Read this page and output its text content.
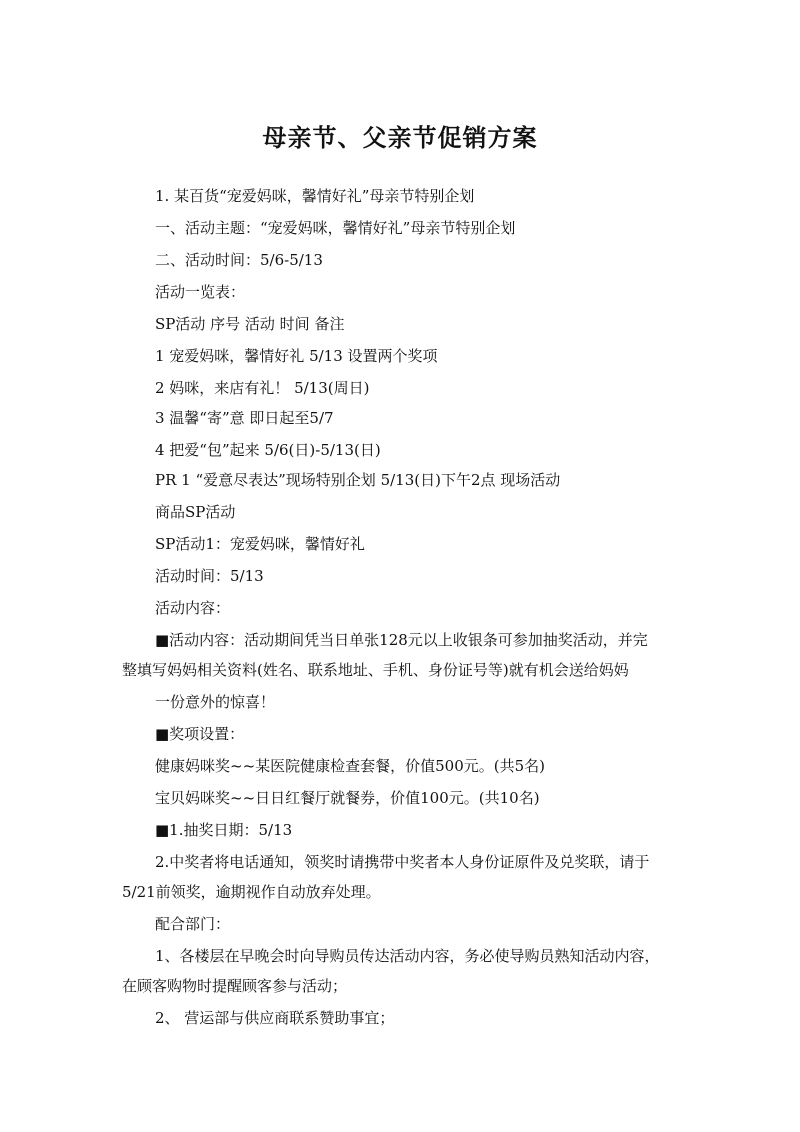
母亲节、父亲节促销方案
1. 某百货“宠爱妈咪，馨情好礼”母亲节特别企划
一、活动主题：“宠爱妈咪，馨情好礼”母亲节特别企划
二、活动时间：5/6-5/13
活动一览表：
SP活动 序号 活动 时间 备注
1 宠爱妈咪，馨情好礼 5/13 设置两个奖项
2 妈咪，来店有礼！ 5/13(周日)
3 温馨“寄”意 即日起至5/7
4 把爱“包”起来 5/6(日)-5/13(日)
PR 1 “爱意尽表达”现场特别企划 5/13(日)下午2点 现场活动
商品SP活动
SP活动1：宠爱妈咪，馨情好礼
活动时间：5/13
活动内容：
■活动内容：活动期间凭当日单张128元以上收银条可参加抽奖活动，并完
整填写妈妈相关资料(姓名、联系地址、手机、身份证号等)就有机会送给妈妈
一份意外的惊喜！
■奖项设置：
健康妈咪奖~~某医院健康检查套餐，价值500元。(共5名)
宝贝妈咪奖~~日日红餐厅就餐券，价值100元。(共10名)
■1.抽奖日期：5/13
2.中奖者将电话通知，领奖时请携带中奖者本人身份证原件及兑奖联，请于
5/21前领奖，逾期视作自动放弃处理。
配合部门：
1、各楼层在早晚会时向导购员传达活动内容，务必使导购员熟知活动内容，
在顾客购物时提醒顾客参与活动；
2、 营运部与供应商联系赞助事宜；
